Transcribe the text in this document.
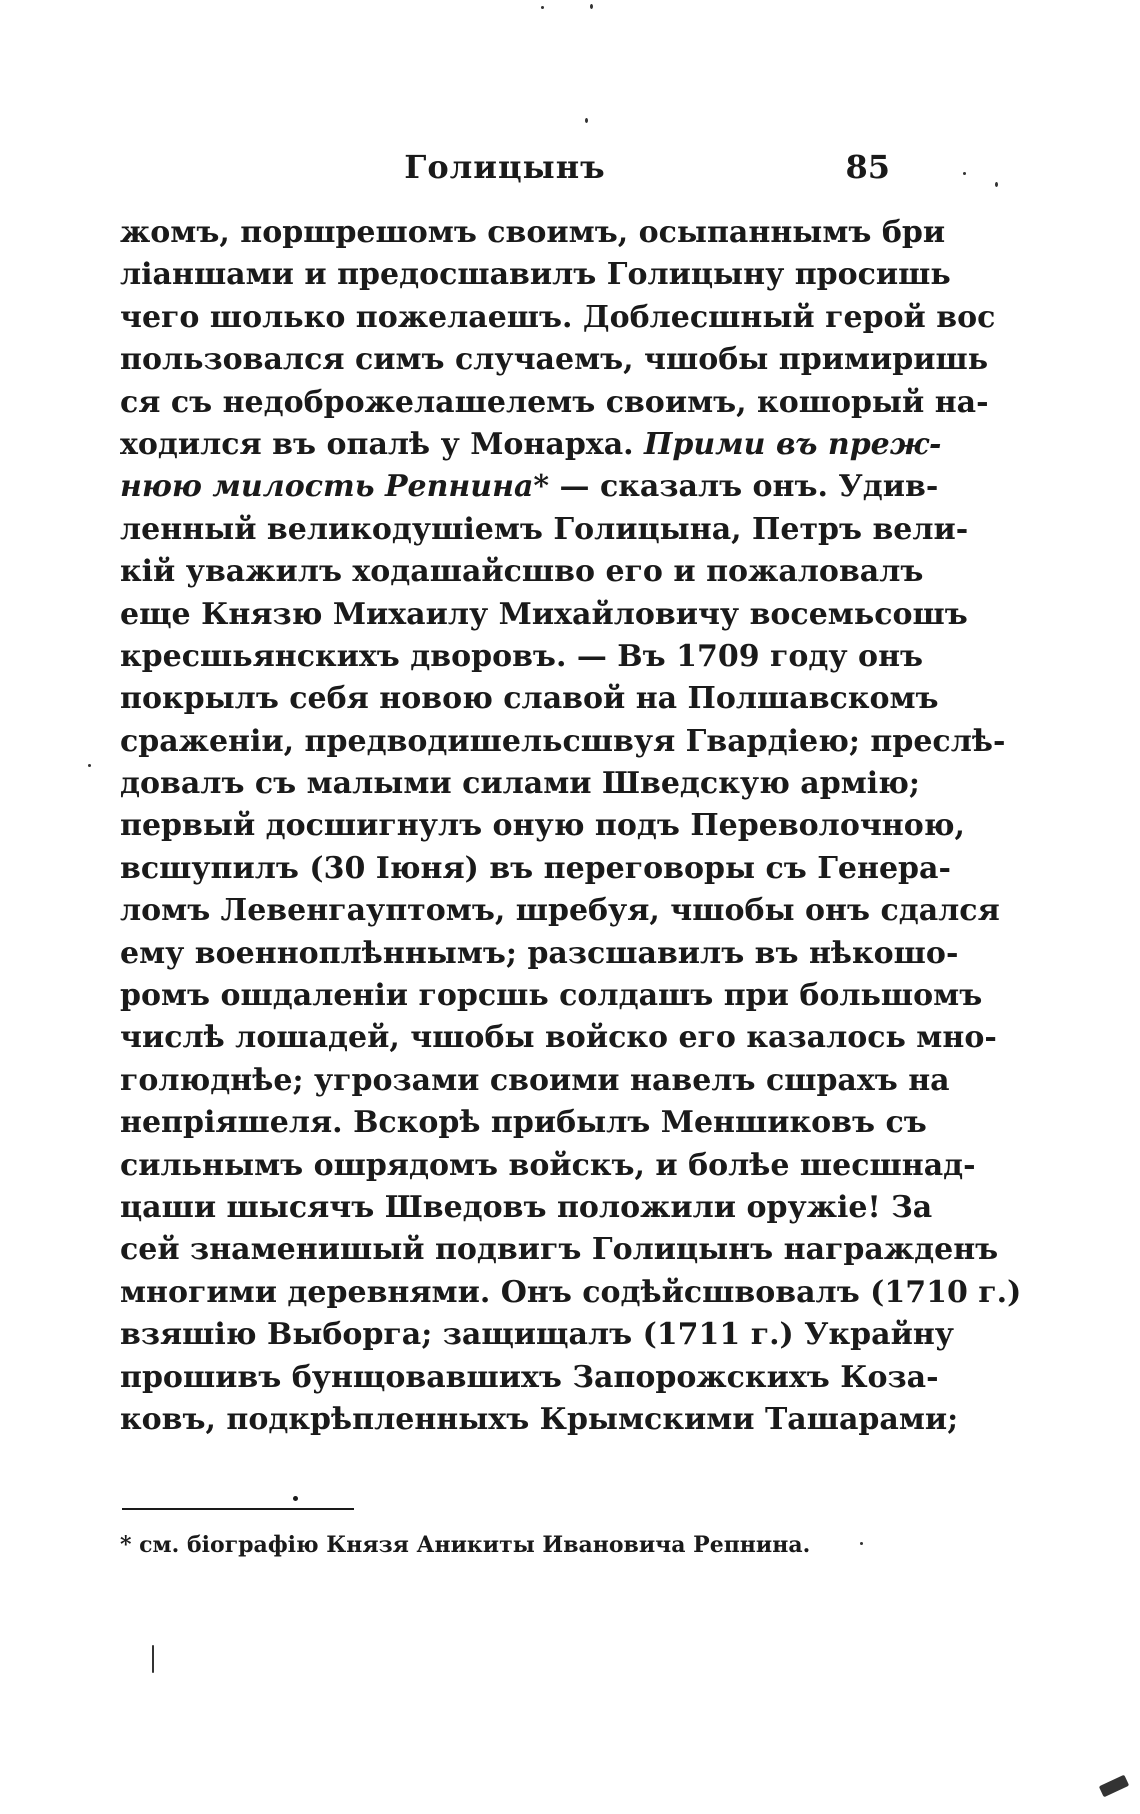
Голицынъ	85
жомъ, поршрешомъ своимъ, осыпаннымъ бри
ліаншами и предосшавилъ Голицыну просишь
чего шолько пожелаешъ. Доблесшный герой вос
пользовался симъ случаемъ, чшобы примиришь
ся съ недоброжелашелемъ своимъ, кошорый на-
ходился въ опалѣ у Монарха. Прими въ преж-
нюю милость Репнина* — сказалъ онъ. Удив-
ленный великодушіемъ Голицына, Петръ вели-
кій уважилъ ходашайсшво его и пожаловалъ
еще Князю Михаилу Михайловичу восемьсошъ
кресшьянскихъ дворовъ. — Въ 1709 году онъ
покрылъ себя новою славой на Полшавскомъ
сраженіи, предводишельсшвуя Гвардіею; преслѣ-
довалъ съ малыми силами Шведскую армію;
первый досшигнулъ оную подъ Переволочною,
всшупилъ (30 Іюня) въ переговоры съ Генера-
ломъ Левенгауптомъ, шребуя, чшобы онъ сдался
ему военноплѣннымъ; разсшавилъ въ нѣкошо-
ромъ ошдаленіи горсшь солдашъ при большомъ
числѣ лошадей, чшобы войско его казалось мно-
голюднѣе; угрозами своими навелъ сшрахъ на
непріяшеля. Вскорѣ прибылъ Меншиковъ съ
сильнымъ ошрядомъ войскъ, и болѣе шесшнад-
цаши шысячъ Шведовъ положили оружіе! За
сей знаменишый подвигъ Голицынъ награжденъ
многими деревнями. Онъ содѣйсшвовалъ (1710 г.)
взяшію Выборга; защищалъ (1711 г.) Украйну
прошивъ бунщовавшихъ Запорожскихъ Коза-
ковъ, подкрѣпленныхъ Крымскими Ташарами;
* см. біографію Князя Аникиты Ивановича Репнина.
